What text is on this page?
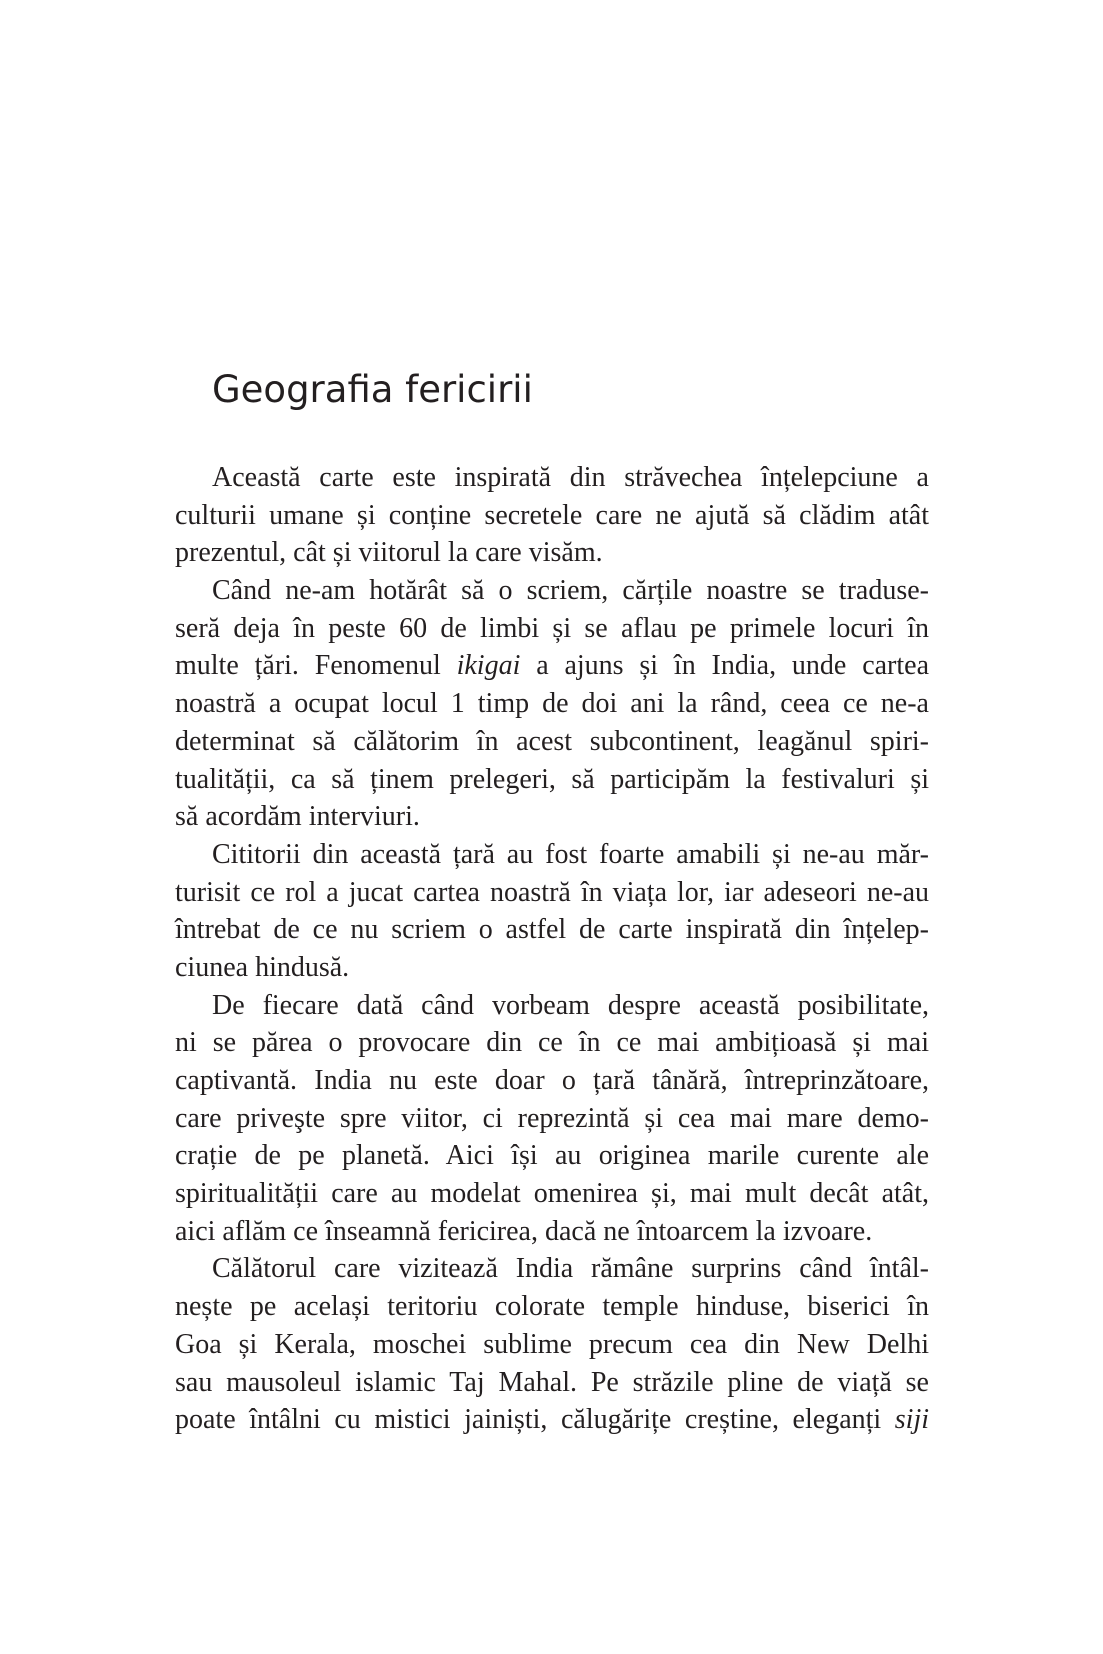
Geografia fericirii

Această carte este inspirată din străvechea înțelepciune a
culturii umane și conține secretele care ne ajută să clădim atât
prezentul, cât și viitorul la care visăm.

Când ne-am hotărât să o scriem, cărțile noastre se traduse-
seră deja în peste 60 de limbi și se aflau pe primele locuri în
multe țări. Fenomenul ikigai a ajuns și în India, unde cartea
noastră a ocupat locul 1 timp de doi ani la rând, ceea ce ne-a
determinat să călătorim în acest subcontinent, leagănul spiri-
tualității, ca să ținem prelegeri, să participăm la festivaluri și
să acordăm interviuri.

Cititorii din această țară au fost foarte amabili și ne-au măr-
turisit ce rol a jucat cartea noastră în viața lor, iar adeseori ne-au
întrebat de ce nu scriem o astfel de carte inspirată din înțelep-
ciunea hindusă.

De fiecare dată când vorbeam despre această posibilitate,
ni se părea o provocare din ce în ce mai ambițioasă și mai
captivantă. India nu este doar o țară tânără, întreprinzătoare,
care priveşte spre viitor, ci reprezintă și cea mai mare demo-
crație de pe planetă. Aici își au originea marile curente ale
spiritualității care au modelat omenirea și, mai mult decât atât,
aici aflăm ce înseamnă fericirea, dacă ne întoarcem la izvoare.

Călătorul care vizitează India rămâne surprins când întâl-
nește pe același teritoriu colorate temple hinduse, biserici în
Goa și Kerala, moschei sublime precum cea din New Delhi
sau mausoleul islamic Taj Mahal. Pe străzile pline de viață se
poate întâlni cu mistici jainiști, călugărițe creștine, eleganți siji
